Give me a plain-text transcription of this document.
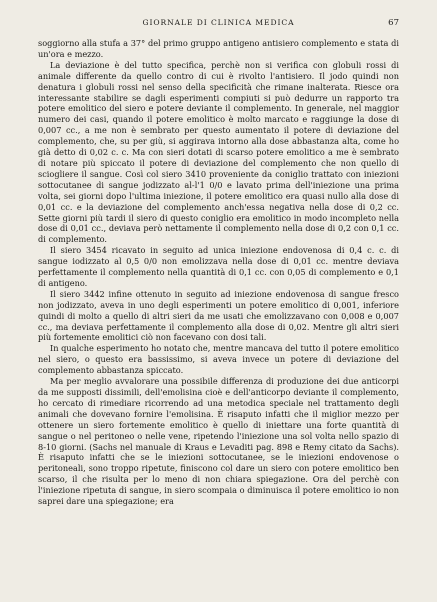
GIORNALE DI CLINICA MEDICA	67

soggiorno alla stufa a 37° del primo gruppo antigeno antisiero complemento e stata di un'ora e mezzo.

La deviazione è del tutto specifica, perchè non si verifica con globuli rossi di animale differente da quello contro di cui è rivolto l'antisiero. Il jodo quindi non denatura i globuli rossi nel senso della specificità che rimane inalterata. Riesce ora interessante stabilire se dagli esperimenti compiuti si può dedurre un rapporto tra potere emolitico del siero e potere deviante il complemento. In generale, nel maggior numero dei casi, quando il potere emolitico è molto marcato e raggiunge la dose di 0,007 cc., a me non è sembrato per questo aumentato il potere di deviazione del complemento, che, su per giù, si aggirava intorno alla dose abbastanza alta, come ho già detto di 0,02 c. c. Ma con sieri dotati di scarso potere emolitico a me è sembrato di notare più spiccato il potere di deviazione del complemento che non quello di sciogliere il sangue. Così col siero 3410 proveniente da coniglio trattato con iniezioni sottocutanee di sangue jodizzato al-l'1 0/0 e lavato prima dell'iniezione una prima volta, sei giorni dopo l'ultima iniezione, il potere emolitico era quasi nullo alla dose di 0,01 cc. e la deviazione del complemento anch'essa negativa nella dose di 0,2 cc. Sette giorni più tardi il siero di questo coniglio era emolitico in modo incompleto nella dose di 0,01 cc., deviava però nettamente il complemento nella dose di 0,2 con 0,1 cc. di complemento.

Il siero 3454 ricavato in seguito ad unica iniezione endovenosa di 0,4 c. c. di sangue iodizzato al 0,5 0/0 non emolizzava nella dose di 0,01 cc. mentre deviava perfettamente il complemento nella quantità di 0,1 cc. con 0,05 di complemento e 0,1 di antigeno.

Il siero 3442 infine ottenuto in seguito ad iniezione endovenosa di sangue fresco non jodizzato, aveva in uno degli esperimenti un potere emolitico di 0,001, inferiore quindi di molto a quello di altri sieri da me usati che emolizzavano con 0,008 e 0,007 cc., ma deviava perfettamente il complemento alla dose di 0,02. Mentre gli altri sieri più fortemente emolitici ciò non facevano con dosi tali.

In qualche esperimento ho notato che, mentre mancava del tutto il potere emolitico nel siero, o questo era bassissimo, si aveva invece un potere di deviazione del complemento abbastanza spiccato.

Ma per meglio avvalorare una possibile differenza di produzione dei due anticorpi da me supposti dissimili, dell'emolisina cioè e dell'anticorpo deviante il complemento, ho cercato di rimediare ricorrendo ad una metodica speciale nel trattamento degli animali che dovevano fornire l'emolisina. È risaputo infatti che il miglior mezzo per ottenere un siero fortemente emolitico è quello di iniettare una forte quantità di sangue o nel peritoneo o nelle vene, ripetendo l'iniezione una sol volta nello spazio di 8-10 giorni. (Sachs nel manuale di Kraus e Levaditi pag. 898 e Remy citato da Sachs). È risaputo infatti che se le iniezioni sottocutanee, se le iniezioni endovenose o peritoneali, sono troppo ripetute, finiscono col dare un siero con potere emolitico ben scarso, il che risulta per lo meno di non chiara spiegazione. Ora del perchè con l'iniezione ripetuta di sangue, in siero scompaia o diminuisca il potere emolitico io non saprei dare una spiegazione; era
